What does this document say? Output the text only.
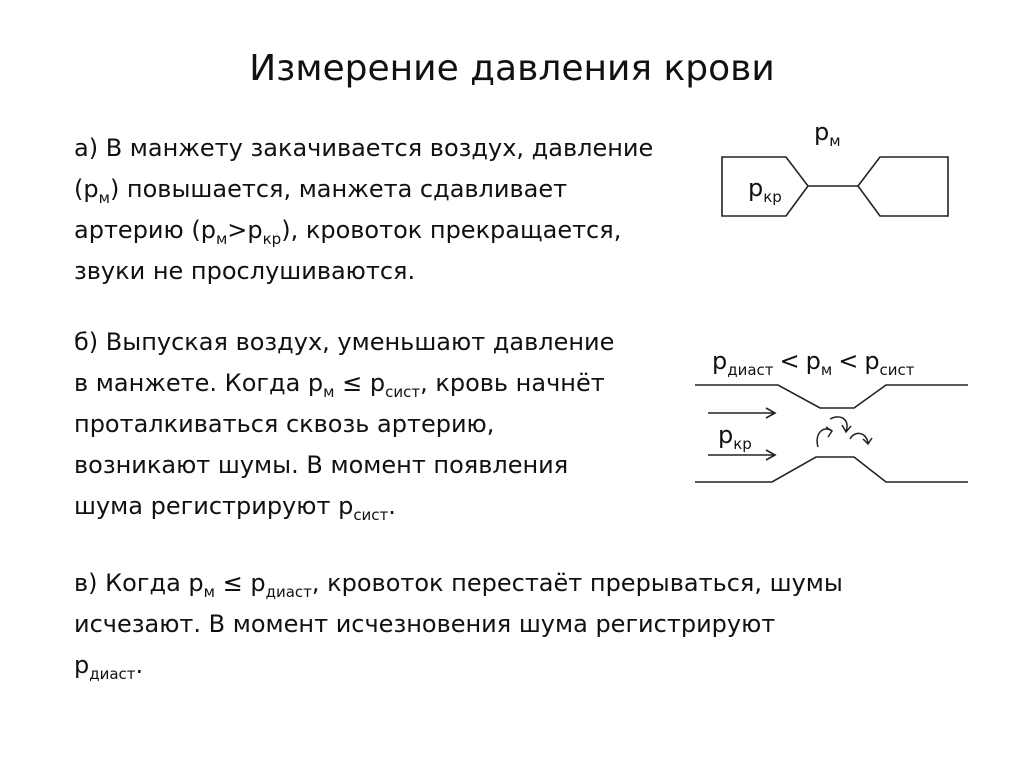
Измерение давления крови
а) В манжету закачивается воздух, давление
$(p_м)$ повышается, манжета сдавливает
артерию $(p_м>p_{кр})$, кровоток прекращается,
звуки не прослушиваются.
б) Выпуская воздух, уменьшают давление
в манжете. Когда $p_м \le p_{сист}$, кровь начнёт
проталкиваться сквозь артерию,
возникают шумы. В момент появления
шума регистрируют $p_{сист}$.
в) Когда $p_м \le p_{диаст}$, кровоток перестаёт прерываться, шумы
исчезают. В момент исчезновения шума регистрируют
$p_{диаст}$.
$p_м$
$p_{кр}$
$p_{диаст} < p_м < p_{сист}$
$p_{кр}$
